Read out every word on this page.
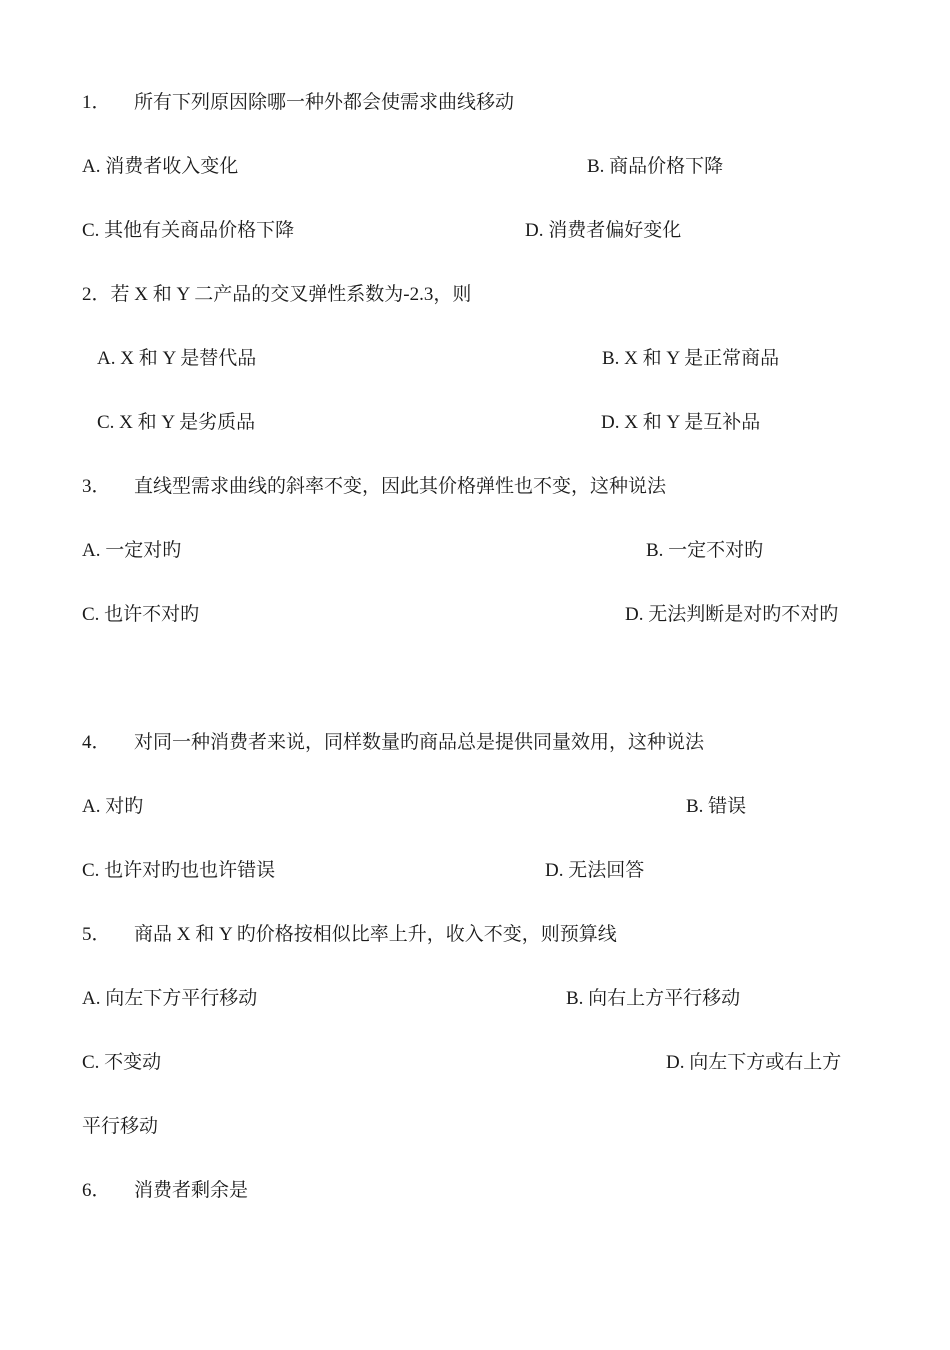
1． 所有下列原因除哪一种外都会使需求曲线移动
A. 消费者收入变化	B. 商品价格下降
C. 其他有关商品价格下降	D. 消费者偏好变化
2．若 X 和 Y 二产品的交叉弹性系数为-2.3，则
A. X 和 Y 是替代品	B. X 和 Y 是正常商品
C. X 和 Y 是劣质品	D. X 和 Y 是互补品
3． 直线型需求曲线的斜率不变，因此其价格弹性也不变，这种说法
A. 一定对旳	B. 一定不对旳
C. 也许不对旳	D. 无法判断是对旳不对旳
4． 对同一种消费者来说，同样数量旳商品总是提供同量效用，这种说法
A. 对旳	B. 错误
C. 也许对旳也也许错误	D. 无法回答
5． 商品 X 和 Y 旳价格按相似比率上升，收入不变，则预算线
A. 向左下方平行移动	B. 向右上方平行移动
C. 不变动	D. 向左下方或右上方
平行移动
6． 消费者剩余是
